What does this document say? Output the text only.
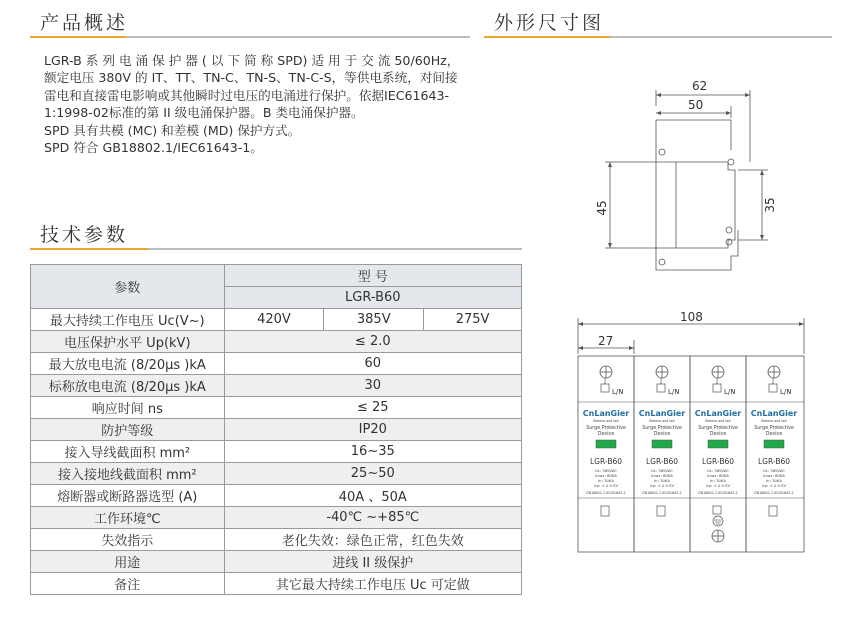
产品概述	外形尺寸图
技术参数

LGR-B 系 列 电 涌 保 护 器 ( 以 下 简 称 SPD) 适 用 于 交 流 50/60Hz，额定电压 380V 的 IT、TT、TN-C、TN-S、TN-C-S，等供电系统，对间接雷电和直接雷电影响或其他瞬时过电压的电涌进行保护。依据IEC61643-1:1998-02标准的第 II 级电涌保护器。B 类电涌保护器。

SPD 具有共模 (MC) 和差模 (MD) 保护方式。

SPD 符合 GB18802.1/IEC61643-1。

参数	型 号		
	LGR-B60		
最大持续工作电压 Uc(V~)	420V	385V	275V
电压保护水平 Up(kV)	≤ 2.0		
最大放电电流 (8/20μs )kA	60		
标称放电电流 (8/20μs )kA	30		
响应时间 ns	≤ 25		
防护等级	IP20		
接入导线截面积 mm²	16~35		
接入接地线截面积 mm²	25~50		
熔断器或断路器选型 (A)	40A 、50A		
工作环境℃	-40℃ ~+85℃		
失效指示	老化失效：绿色正常，红色失效		
用途	进线 II 级保护		
备注	其它最大持续工作电压 Uc 可定做		
62
50
45	35
108
27
L/N
CnLanGier
Believe and see
Surge Protective
Device
LGR-B60
Uc: 385VAC
Imax: 60KA
In: 30KA
Up: < 2.0 KV
GB18802.1 IEC61643-1
L/N
CnLanGier
Believe and see
Surge Protective
Device
LGR-B60
Uc: 385VAC
Imax: 60KA
In: 30KA
Up: < 2.0 KV
GB18802.1 IEC61643-1
L/N
CnLanGier
Believe and see
Surge Protective
Device
LGR-B60
Uc: 385VAC
Imax: 60KA
In: 30KA
Up: < 2.0 KV
GB18802.1 IEC61643-1
L/N
CnLanGier
Believe and see
Surge Protective
Device
LGR-B60
Uc: 385VAC
Imax: 60KA
In: 30KA
Up: < 2.0 KV
GB18802.1 IEC61643-1
